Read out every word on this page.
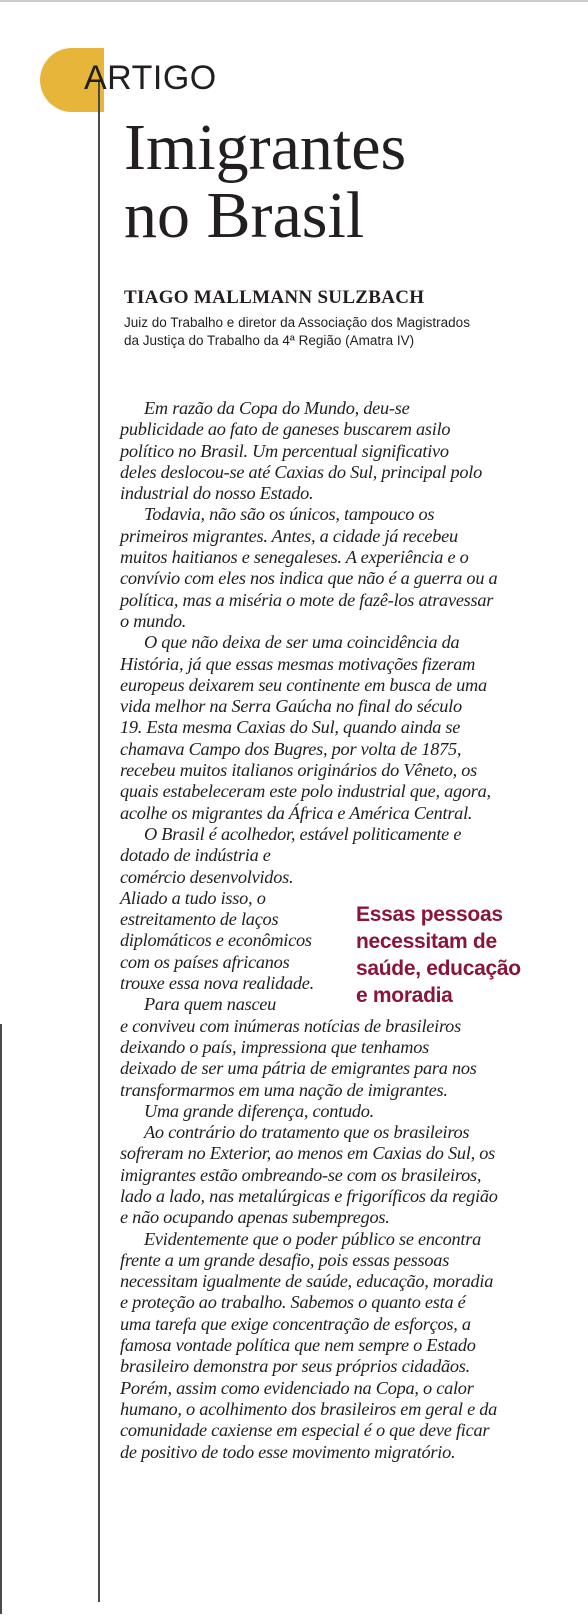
ARTIGO
Imigrantes
no Brasil
TIAGO MALLMANN SULZBACH
Juiz do Trabalho e diretor da Associação dos Magistrados
da Justiça do Trabalho da 4ª Região (Amatra IV)

Em razão da Copa do Mundo, deu-se
publicidade ao fato de ganeses buscarem asilo
político no Brasil. Um percentual significativo
deles deslocou-se até Caxias do Sul, principal polo
industrial do nosso Estado.

Todavia, não são os únicos, tampouco os
primeiros migrantes. Antes, a cidade já recebeu
muitos haitianos e senegaleses. A experiência e o
convívio com eles nos indica que não é a guerra ou a
política, mas a miséria o mote de fazê-los atravessar
o mundo.

O que não deixa de ser uma coincidência da
História, já que essas mesmas motivações fizeram
europeus deixarem seu continente em busca de uma
vida melhor na Serra Gaúcha no final do século
19. Esta mesma Caxias do Sul, quando ainda se
chamava Campo dos Bugres, por volta de 1875,
recebeu muitos italianos originários do Vêneto, os
quais estabeleceram este polo industrial que, agora,
acolhe os migrantes da África e América Central.

O Brasil é acolhedor, estável politicamente e
dotado de indústria e
comércio desenvolvidos.
Aliado a tudo isso, o
estreitamento de laços
diplomáticos e econômicos
com os países africanos
trouxe essa nova realidade.

Para quem nasceu
e conviveu com inúmeras notícias de brasileiros
deixando o país, impressiona que tenhamos
deixado de ser uma pátria de emigrantes para nos
transformarmos em uma nação de imigrantes.

Uma grande diferença, contudo.

Ao contrário do tratamento que os brasileiros
sofreram no Exterior, ao menos em Caxias do Sul, os
imigrantes estão ombreando-se com os brasileiros,
lado a lado, nas metalúrgicas e frigoríficos da região
e não ocupando apenas subempregos.

Evidentemente que o poder público se encontra
frente a um grande desafio, pois essas pessoas
necessitam igualmente de saúde, educação, moradia
e proteção ao trabalho. Sabemos o quanto esta é
uma tarefa que exige concentração de esforços, a
famosa vontade política que nem sempre o Estado
brasileiro demonstra por seus próprios cidadãos.
Porém, assim como evidenciado na Copa, o calor
humano, o acolhimento dos brasileiros em geral e da
comunidade caxiense em especial é o que deve ficar
de positivo de todo esse movimento migratório.

Essas pessoas
necessitam de
saúde, educação
e moradia
